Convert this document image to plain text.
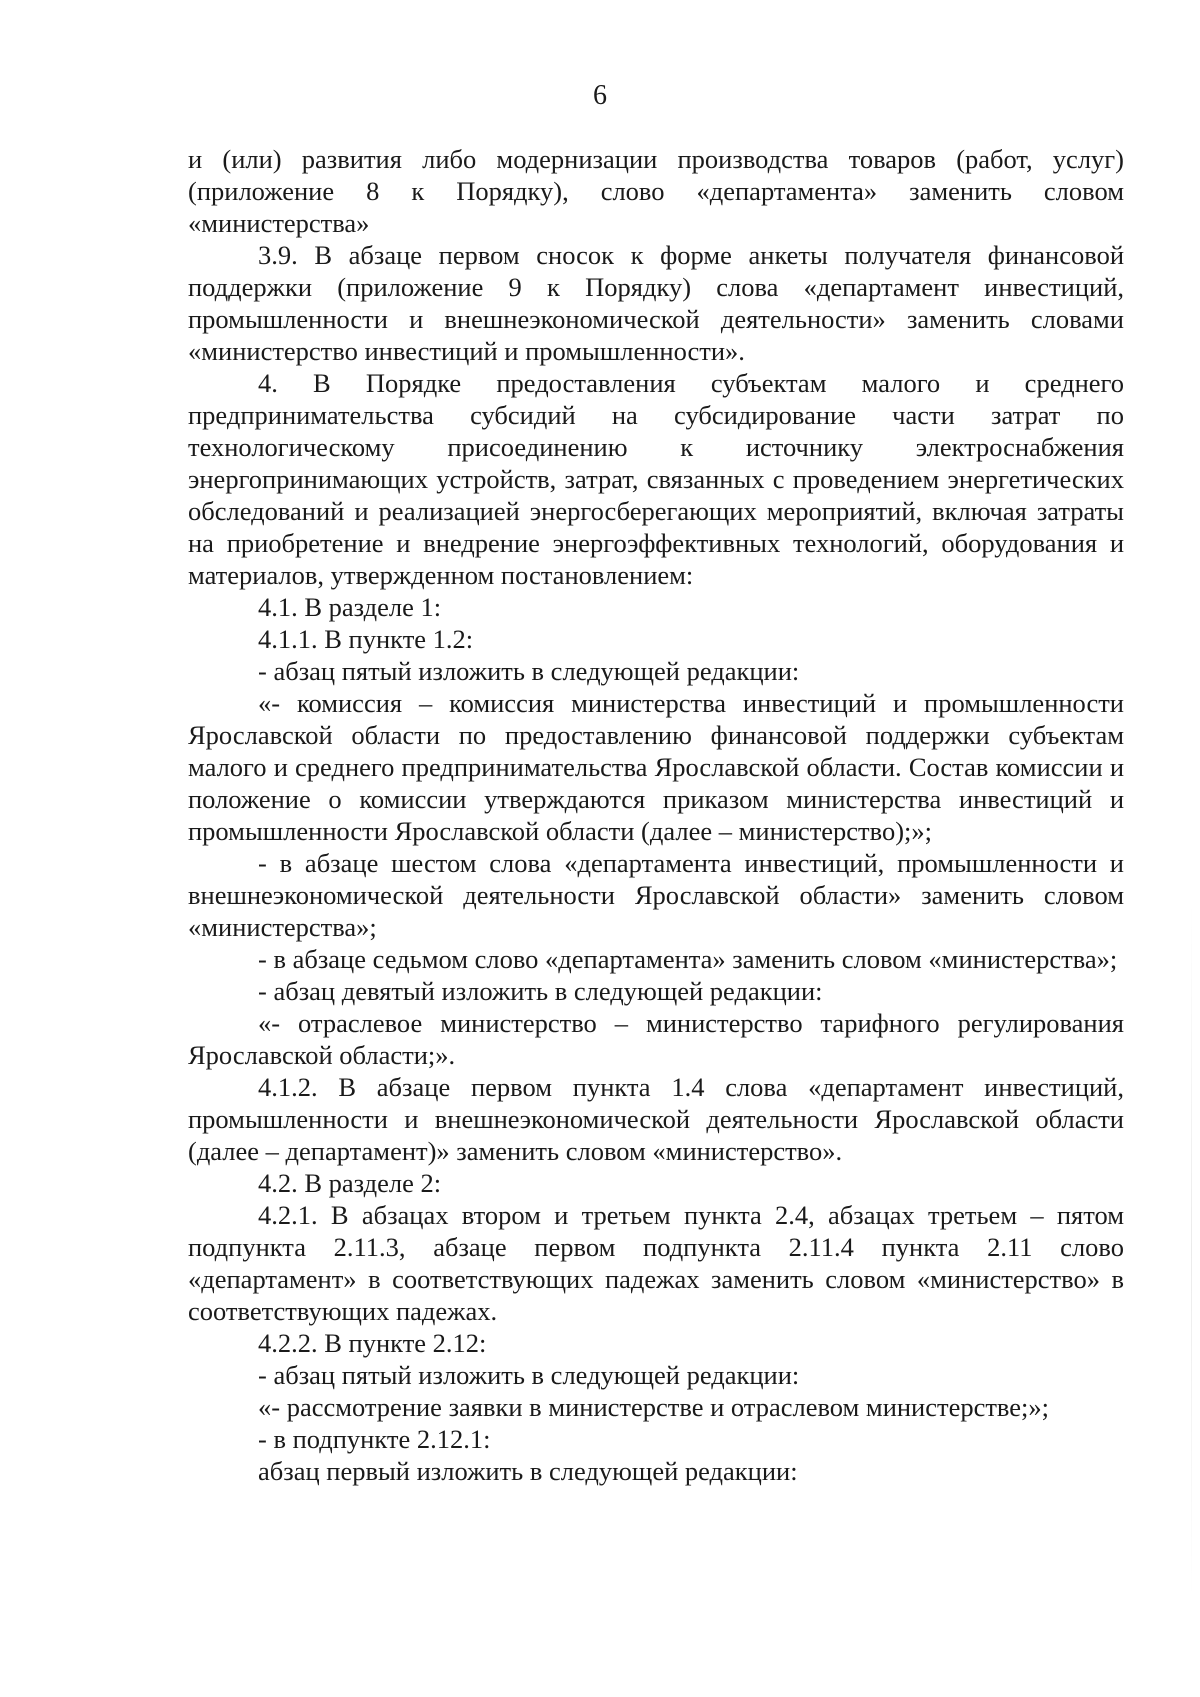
6

и (или) развития либо модернизации производства товаров (работ, услуг) (приложение 8 к Порядку), слово «департамента» заменить словом «министерства»

3.9. В абзаце первом сносок к форме анкеты получателя финансовой поддержки (приложение 9 к Порядку) слова «департамент инвестиций, промышленности и внешнеэкономической деятельности» заменить словами «министерство инвестиций и промышленности».

4. В Порядке предоставления субъектам малого и среднего предпринимательства субсидий на субсидирование части затрат по технологическому присоединению к источнику электроснабжения энергопринимающих устройств, затрат, связанных с проведением энергетических обследований и реализацией энергосберегающих мероприятий, включая затраты на приобретение и внедрение энергоэффективных технологий, оборудования и материалов, утвержденном постановлением:

4.1. В разделе 1:

4.1.1. В пункте 1.2:

- абзац пятый изложить в следующей редакции:

«- комиссия – комиссия министерства инвестиций и промышленности Ярославской области по предоставлению финансовой поддержки субъектам малого и среднего предпринимательства Ярославской области. Состав комиссии и положение о комиссии утверждаются приказом министерства инвестиций и промышленности Ярославской области (далее – министерство);»;

- в абзаце шестом слова «департамента инвестиций, промышленности и внешнеэкономической деятельности Ярославской области» заменить словом «министерства»;

- в абзаце седьмом слово «департамента» заменить словом «министерства»;

- абзац девятый изложить в следующей редакции:

«- отраслевое министерство – министерство тарифного регулирования Ярославской области;».

4.1.2. В абзаце первом пункта 1.4 слова «департамент инвестиций, промышленности и внешнеэкономической деятельности Ярославской области (далее – департамент)» заменить словом «министерство».

4.2. В разделе 2:

4.2.1. В абзацах втором и третьем пункта 2.4, абзацах третьем – пятом подпункта 2.11.3, абзаце первом подпункта 2.11.4 пункта 2.11 слово «департамент» в соответствующих падежах заменить словом «министерство» в соответствующих падежах.

4.2.2. В пункте 2.12:

- абзац пятый изложить в следующей редакции:

«- рассмотрение заявки в министерстве и отраслевом министерстве;»;

- в подпункте 2.12.1:

абзац первый изложить в следующей редакции:
